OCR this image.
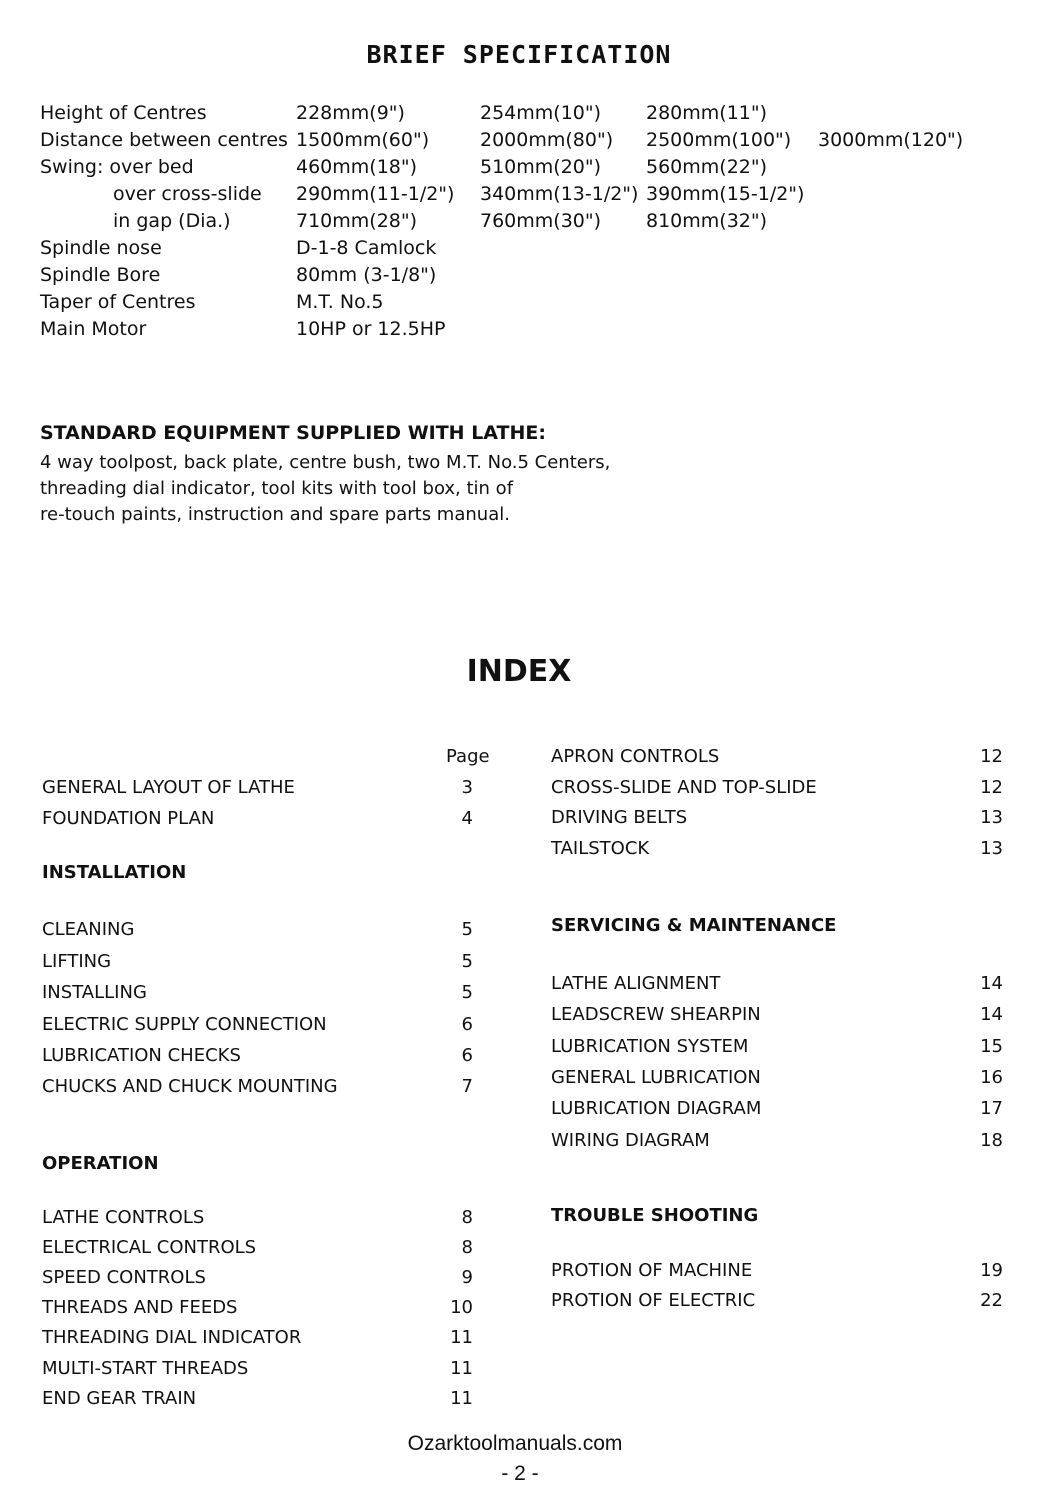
BRIEF SPECIFICATION
Height of Centres	228mm(9")	254mm(10") 280mm(11")
Distance between centres 1500mm(60")	2000mm(80") 2500mm(100") 3000mm(120")
Swing: over bed	460mm(18")	510mm(20") 560mm(22")
over cross-slide 290mm(11-1/2") 340mm(13-1/2") 390mm(15-1/2")
in gap (Dia.)	710mm(28")	760mm(30") 810mm(32")
Spindle nose	D-1-8 Camlock
Spindle Bore	80mm (3-1/8")
Taper of Centres	M.T. No.5
Main Motor	10HP or 12.5HP
STANDARD EQUIPMENT SUPPLIED WITH LATHE:
4 way toolpost, back plate, centre bush, two M.T. No.5 Centers,
threading dial indicator, tool kits with tool box, tin of
re-touch paints, instruction and spare parts manual.
INDEX
Page
GENERAL LAYOUT OF LATHE	3
FOUNDATION PLAN	4
INSTALLATION
CLEANING	5
LIFTING	5
INSTALLING	5
ELECTRIC SUPPLY CONNECTION	6
LUBRICATION CHECKS	6
CHUCKS AND CHUCK MOUNTING	7
OPERATION
LATHE CONTROLS	8
ELECTRICAL CONTROLS	8
SPEED CONTROLS	9
THREADS AND FEEDS	10
THREADING DIAL INDICATOR	11
MULTI-START THREADS	11
END GEAR TRAIN	11
APRON CONTROLS	12
CROSS-SLIDE AND TOP-SLIDE	12
DRIVING BELTS	13
TAILSTOCK	13
SERVICING & MAINTENANCE
LATHE ALIGNMENT	14
LEADSCREW SHEARPIN	14
LUBRICATION SYSTEM	15
GENERAL LUBRICATION	16
LUBRICATION DIAGRAM	17
WIRING DIAGRAM	18
TROUBLE SHOOTING
PROTION OF MACHINE	19
PROTION OF ELECTRIC	22
Ozarktoolmanuals.com
- 2 -
